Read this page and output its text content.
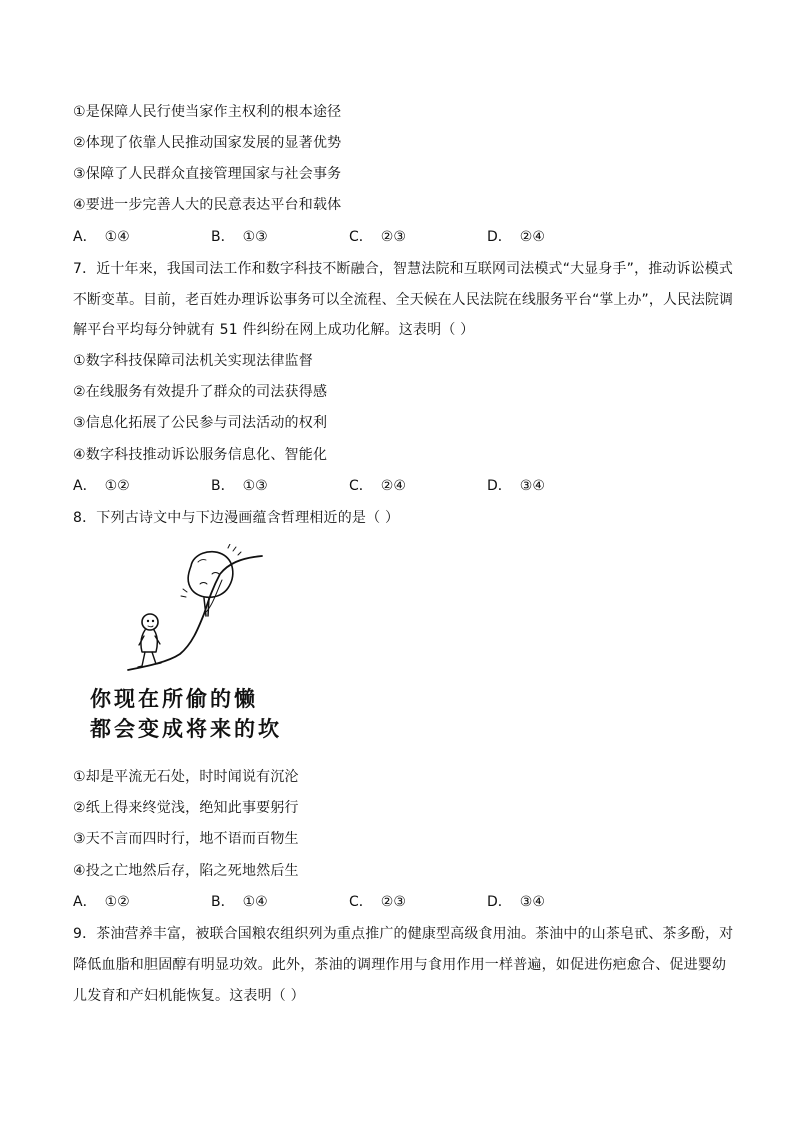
①是保障人民行使当家作主权利的根本途径
②体现了依靠人民推动国家发展的显著优势
③保障了人民群众直接管理国家与社会事务
④要进一步完善人大的民意表达平台和载体
A． ①④	B． ①③	C． ②③	D． ②④
7．近十年来，我国司法工作和数字科技不断融合，智慧法院和互联网司法模式“大显身手”，推动诉讼模式
不断变革。目前，老百姓办理诉讼事务可以全流程、全天候在人民法院在线服务平台“掌上办”，人民法院调
解平台平均每分钟就有 51 件纠纷在网上成功化解。这表明（ ）
①数字科技保障司法机关实现法律监督
②在线服务有效提升了群众的司法获得感
③信息化拓展了公民参与司法活动的权利
④数字科技推动诉讼服务信息化、智能化
A． ①②	B． ①③	C． ②④	D． ③④
8．下列古诗文中与下边漫画蕴含哲理相近的是（ ）
你现在所偷的懒
都会变成将来的坎
①却是平流无石处，时时闻说有沉沦
②纸上得来终觉浅，绝知此事要躬行
③天不言而四时行，地不语而百物生
④投之亡地然后存，陷之死地然后生
A． ①②	B． ①④	C． ②③	D． ③④
9．茶油营养丰富，被联合国粮农组织列为重点推广的健康型高级食用油。茶油中的山茶皂甙、茶多酚，对
降低血脂和胆固醇有明显功效。此外，茶油的调理作用与食用作用一样普遍，如促进伤疤愈合、促进婴幼
儿发育和产妇机能恢复。这表明（ ）
